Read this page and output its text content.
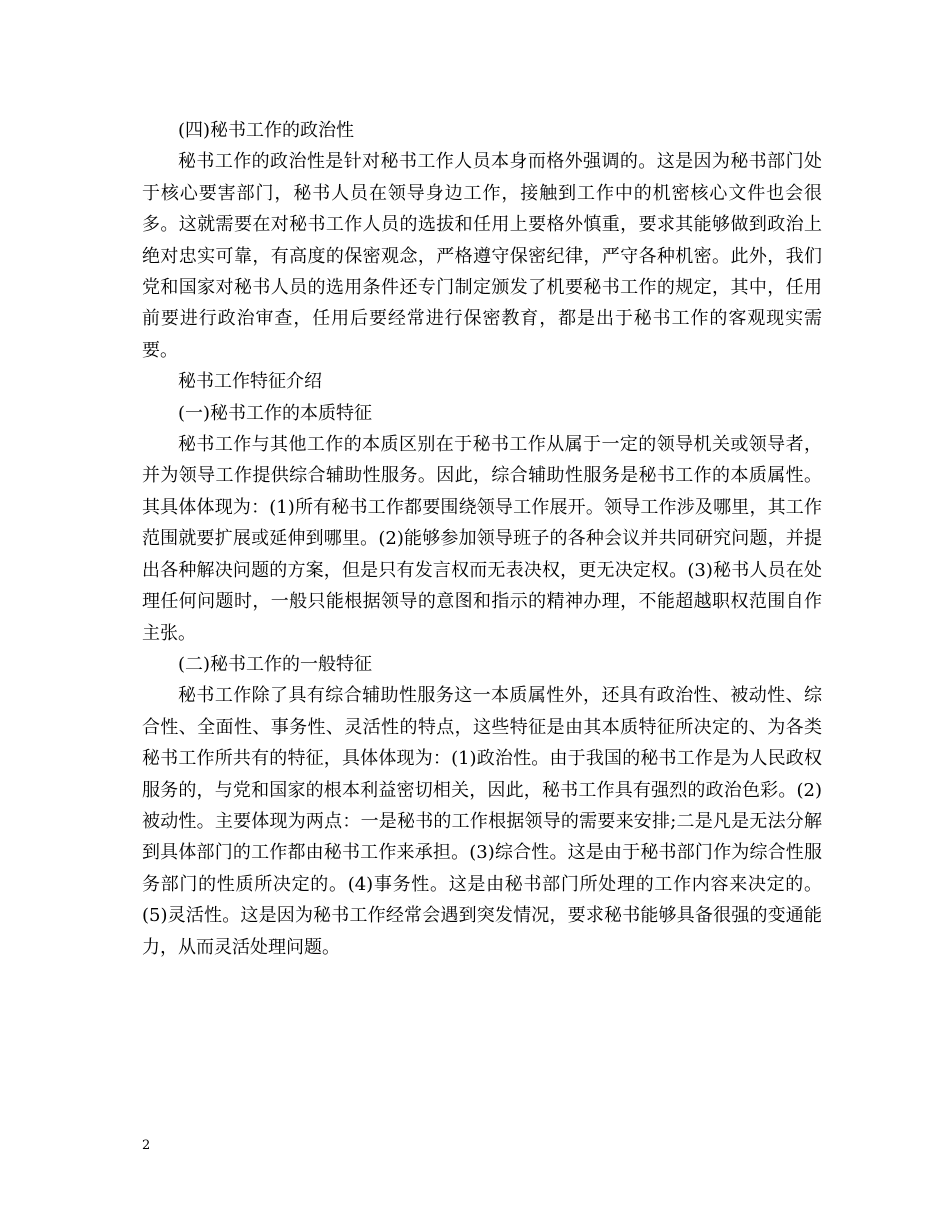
(四)秘书工作的政治性

秘书工作的政治性是针对秘书工作人员本身而格外强调的。这是因为秘书部门处于核心要害部门，秘书人员在领导身边工作，接触到工作中的机密核心文件也会很多。这就需要在对秘书工作人员的选拔和任用上要格外慎重，要求其能够做到政治上绝对忠实可靠，有高度的保密观念，严格遵守保密纪律，严守各种机密。此外，我们党和国家对秘书人员的选用条件还专门制定颁发了机要秘书工作的规定，其中，任用前要进行政治审查，任用后要经常进行保密教育，都是出于秘书工作的客观现实需要。

秘书工作特征介绍

(一)秘书工作的本质特征

秘书工作与其他工作的本质区别在于秘书工作从属于一定的领导机关或领导者，并为领导工作提供综合辅助性服务。因此，综合辅助性服务是秘书工作的本质属性。其具体体现为：(1)所有秘书工作都要围绕领导工作展开。领导工作涉及哪里，其工作范围就要扩展或延伸到哪里。(2)能够参加领导班子的各种会议并共同研究问题，并提出各种解决问题的方案，但是只有发言权而无表决权，更无决定权。(3)秘书人员在处理任何问题时，一般只能根据领导的意图和指示的精神办理，不能超越职权范围自作主张。

(二)秘书工作的一般特征

秘书工作除了具有综合辅助性服务这一本质属性外，还具有政治性、被动性、综合性、全面性、事务性、灵活性的特点，这些特征是由其本质特征所决定的、为各类秘书工作所共有的特征，具体体现为：(1)政治性。由于我国的秘书工作是为人民政权服务的，与党和国家的根本利益密切相关，因此，秘书工作具有强烈的政治色彩。(2)被动性。主要体现为两点：一是秘书的工作根据领导的需要来安排;二是凡是无法分解到具体部门的工作都由秘书工作来承担。(3)综合性。这是由于秘书部门作为综合性服务部门的性质所决定的。(4)事务性。这是由秘书部门所处理的工作内容来决定的。(5)灵活性。这是因为秘书工作经常会遇到突发情况，要求秘书能够具备很强的变通能力，从而灵活处理问题。

2
